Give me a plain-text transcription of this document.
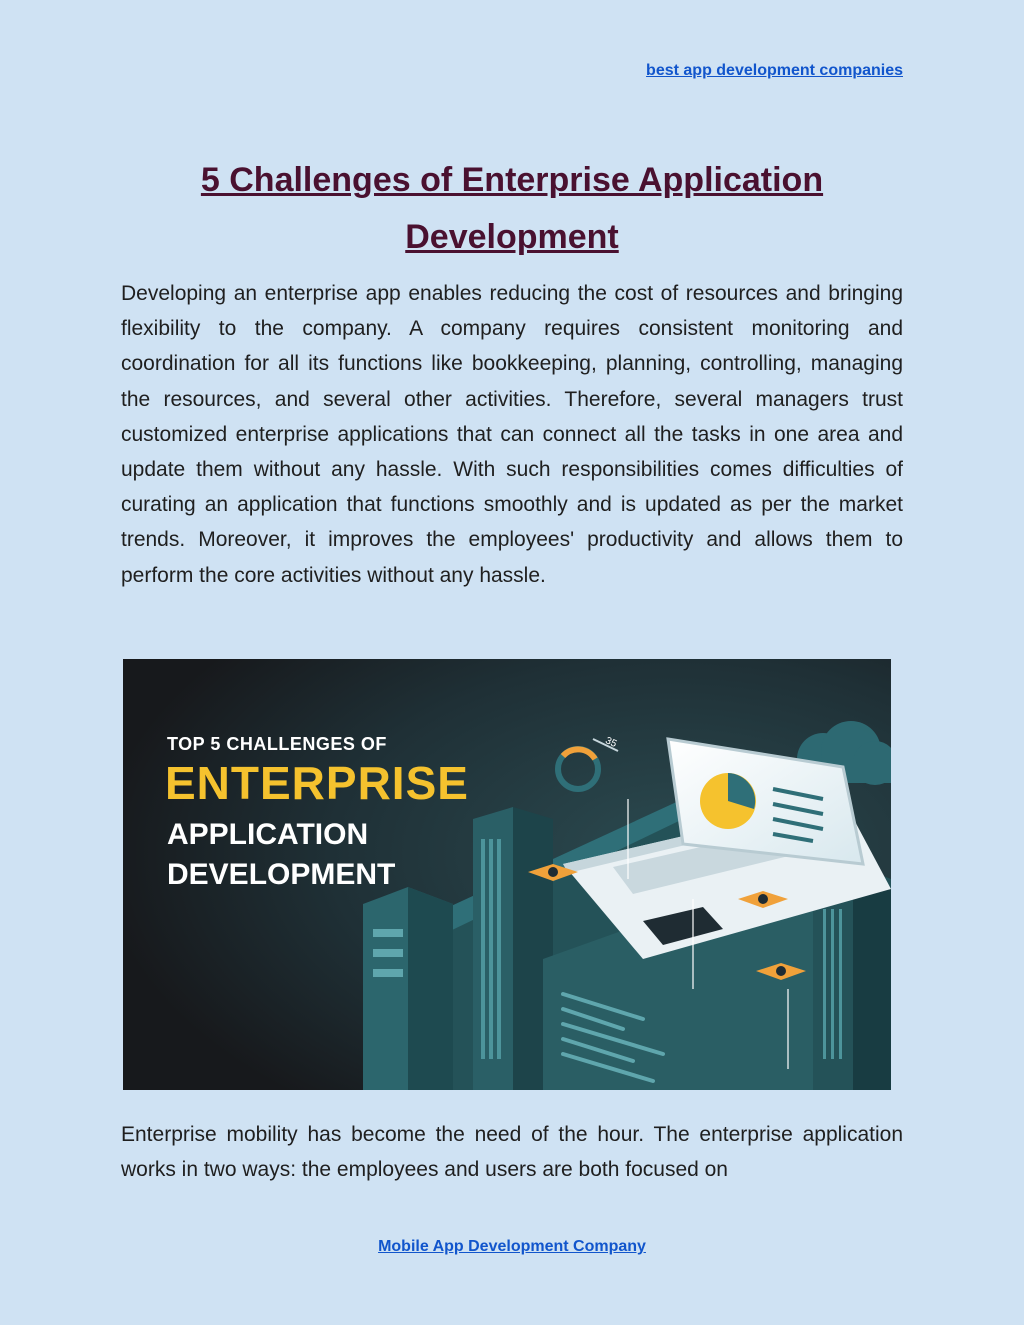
best app development companies
5 Challenges of Enterprise Application Development

Developing an enterprise app enables reducing the cost of resources and bringing flexibility to the company. A company requires consistent monitoring and coordination for all its functions like bookkeeping, planning, controlling, managing the resources, and several other activities. Therefore, several managers trust customized enterprise applications that can connect all the tasks in one area and update them without any hassle. With such responsibilities comes difficulties of curating an application that functions smoothly and is updated as per the market trends. Moreover, it improves the employees' productivity and allows them to perform the core activities without any hassle.

35
TOP 5 CHALLENGES OF
ENTERPRISE
APPLICATION
DEVELOPMENT

Enterprise mobility has become the need of the hour. The enterprise application works in two ways: the employees and users are both focused on

Mobile App Development Company
